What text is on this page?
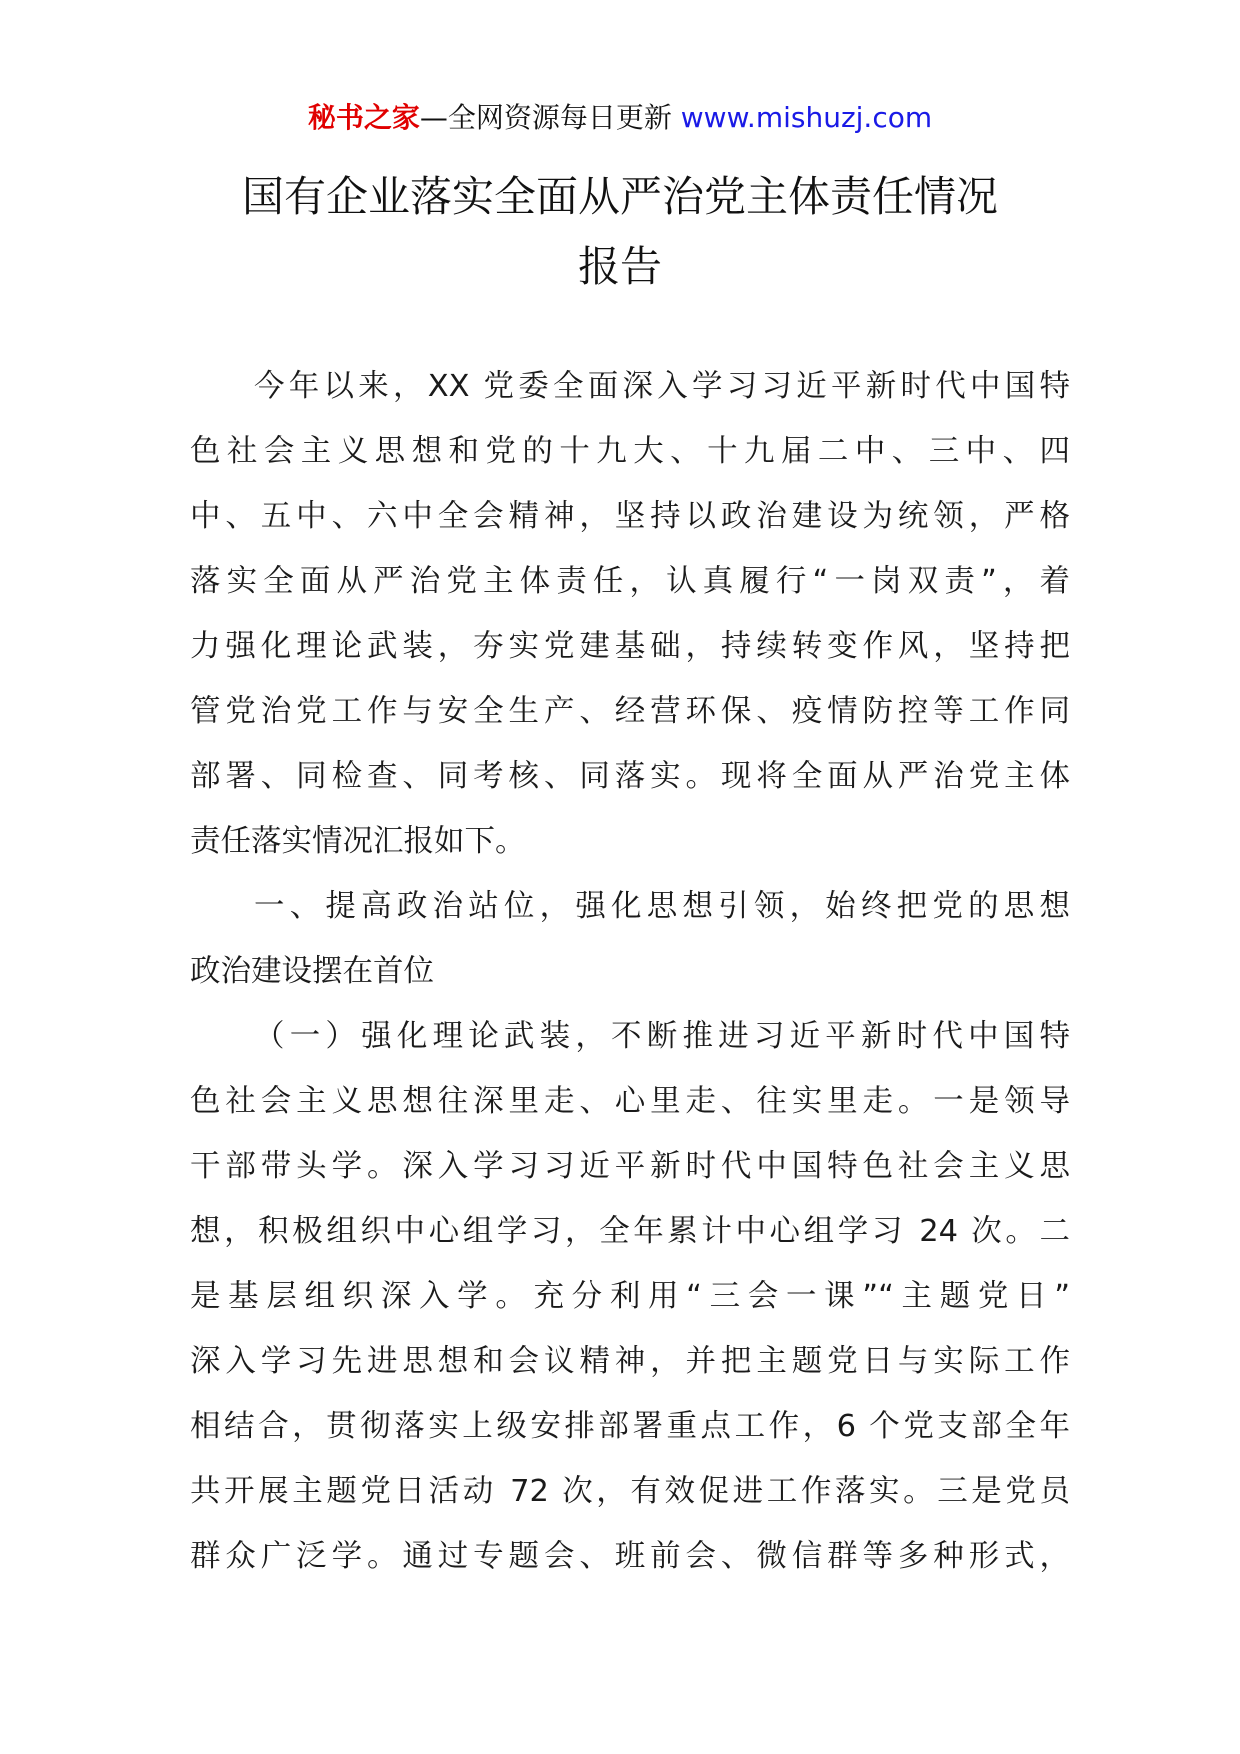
秘书之家—全网资源每日更新 www.mishuzj.com
国有企业落实全面从严治党主体责任情况
报告
今年以来，XX 党委全面深入学习习近平新时代中国特
色社会主义思想和党的十九大、十九届二中、三中、四
中、五中、六中全会精神，坚持以政治建设为统领，严格
落实全面从严治党主体责任，认真履行“一岗双责”，着
力强化理论武装，夯实党建基础，持续转变作风，坚持把
管党治党工作与安全生产、经营环保、疫情防控等工作同
部署、同检查、同考核、同落实。现将全面从严治党主体
责任落实情况汇报如下。
一、提高政治站位，强化思想引领，始终把党的思想
政治建设摆在首位
（一）强化理论武装，不断推进习近平新时代中国特
色社会主义思想往深里走、心里走、往实里走。一是领导
干部带头学。深入学习习近平新时代中国特色社会主义思
想，积极组织中心组学习，全年累计中心组学习 24 次。二
是基层组织深入学。充分利用“三会一课”“主题党日”
深入学习先进思想和会议精神，并把主题党日与实际工作
相结合，贯彻落实上级安排部署重点工作，6 个党支部全年
共开展主题党日活动 72 次，有效促进工作落实。三是党员
群众广泛学。通过专题会、班前会、微信群等多种形式，
